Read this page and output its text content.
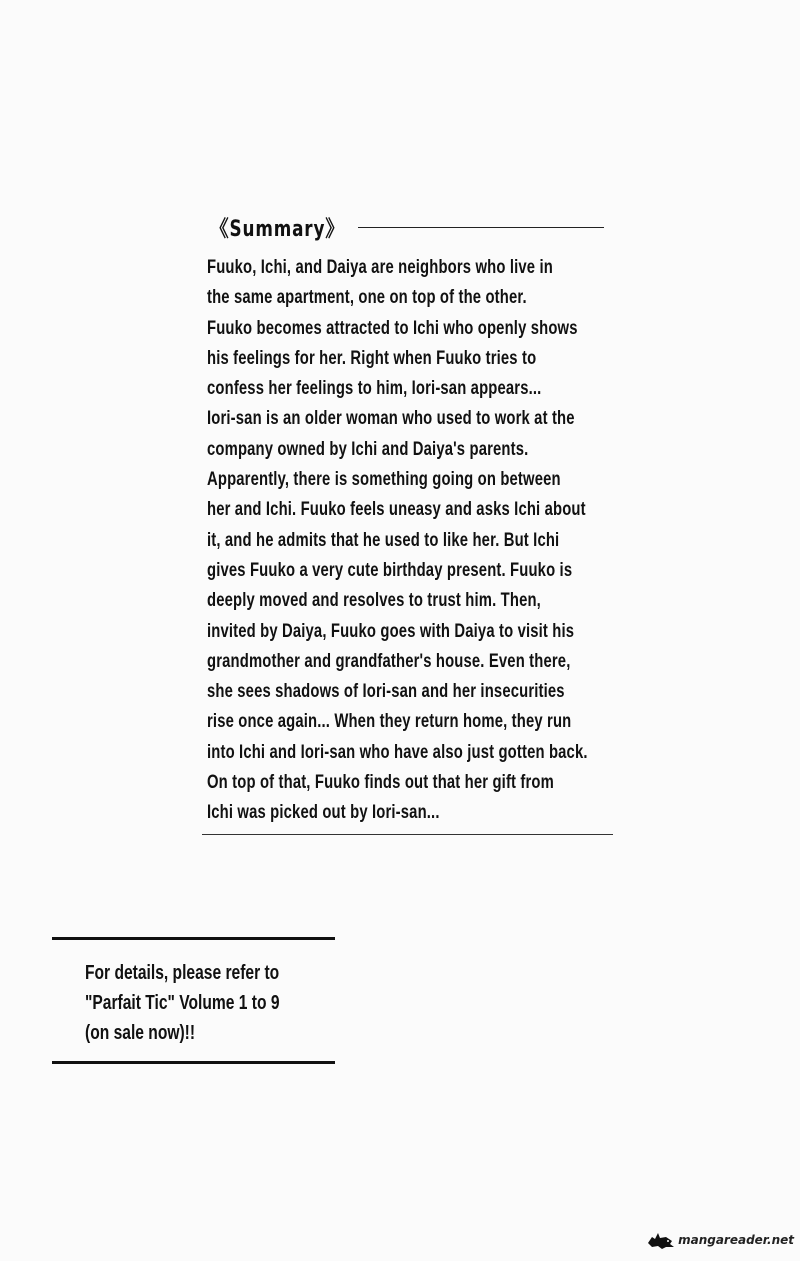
《Summary》
Fuuko, Ichi, and Daiya are neighbors who live in
the same apartment, one on top of the other.
Fuuko becomes attracted to Ichi who openly shows
his feelings for her. Right when Fuuko tries to
confess her feelings to him, Iori-san appears...
Iori-san is an older woman who used to work at the
company owned by Ichi and Daiya's parents.
Apparently, there is something going on between
her and Ichi. Fuuko feels uneasy and asks Ichi about
it, and he admits that he used to like her. But Ichi
gives Fuuko a very cute birthday present. Fuuko is
deeply moved and resolves to trust him. Then,
invited by Daiya, Fuuko goes with Daiya to visit his
grandmother and grandfather's house. Even there,
she sees shadows of Iori-san and her insecurities
rise once again... When they return home, they run
into Ichi and Iori-san who have also just gotten back.
On top of that, Fuuko finds out that her gift from
Ichi was picked out by Iori-san...
For details, please refer to
"Parfait Tic" Volume 1 to 9
(on sale now)!!
mangareader.net
